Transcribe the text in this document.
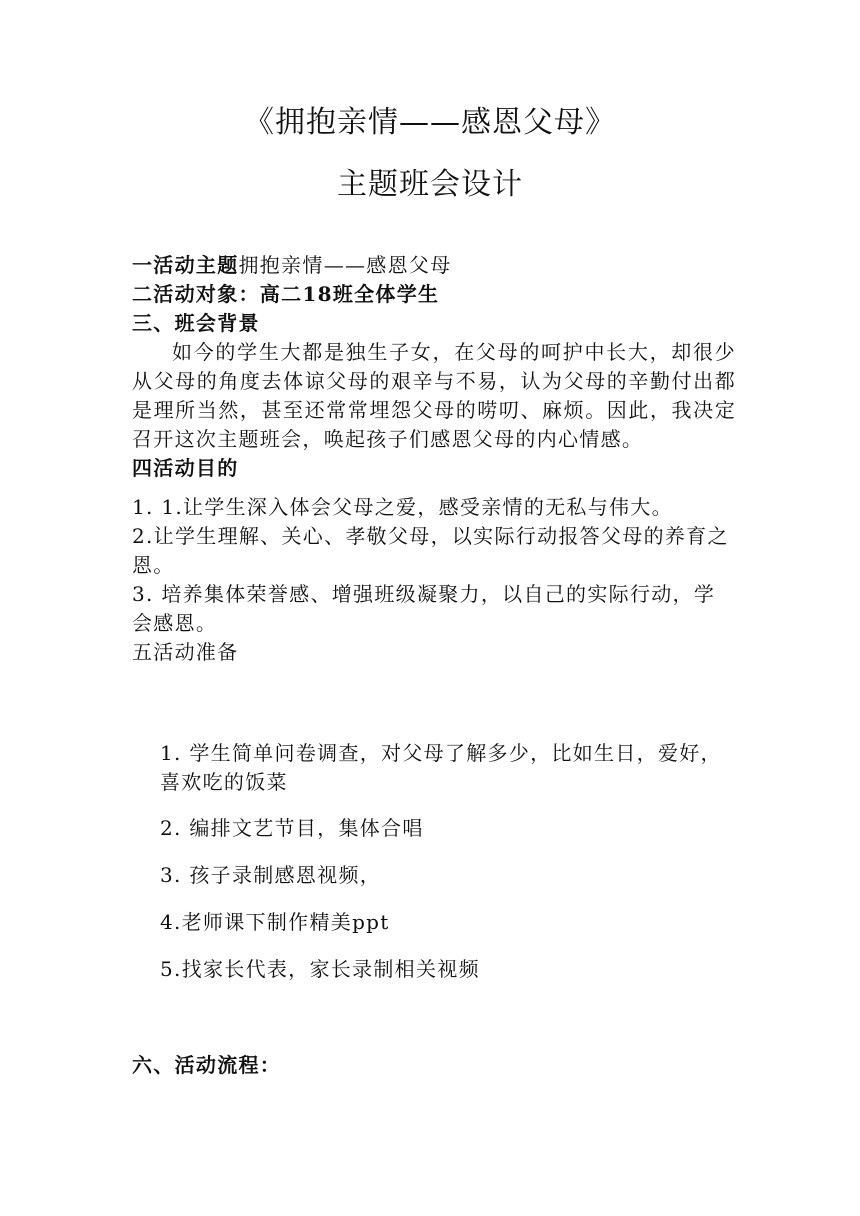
《拥抱亲情——感恩父母》
主题班会设计
一活动主题拥抱亲情——感恩父母
二活动对象：高二18班全体学生
三、班会背景
如今的学生大都是独生子女，在父母的呵护中长大，却很少从父母的角度去体谅父母的艰辛与不易，认为父母的辛勤付出都是理所当然，甚至还常常埋怨父母的唠叨、麻烦。因此，我决定召开这次主题班会，唤起孩子们感恩父母的内心情感。
四活动目的
1. 1.让学生深入体会父母之爱，感受亲情的无私与伟大。
2.让学生理解、关心、孝敬父母，以实际行动报答父母的养育之恩。
3. 培养集体荣誉感、增强班级凝聚力，以自己的实际行动，学会感恩。
五活动准备
1. 学生简单问卷调查，对父母了解多少，比如生日，爱好，喜欢吃的饭菜
2. 编排文艺节目，集体合唱
3. 孩子录制感恩视频，
4.老师课下制作精美ppt
5.找家长代表，家长录制相关视频
六、活动流程：
